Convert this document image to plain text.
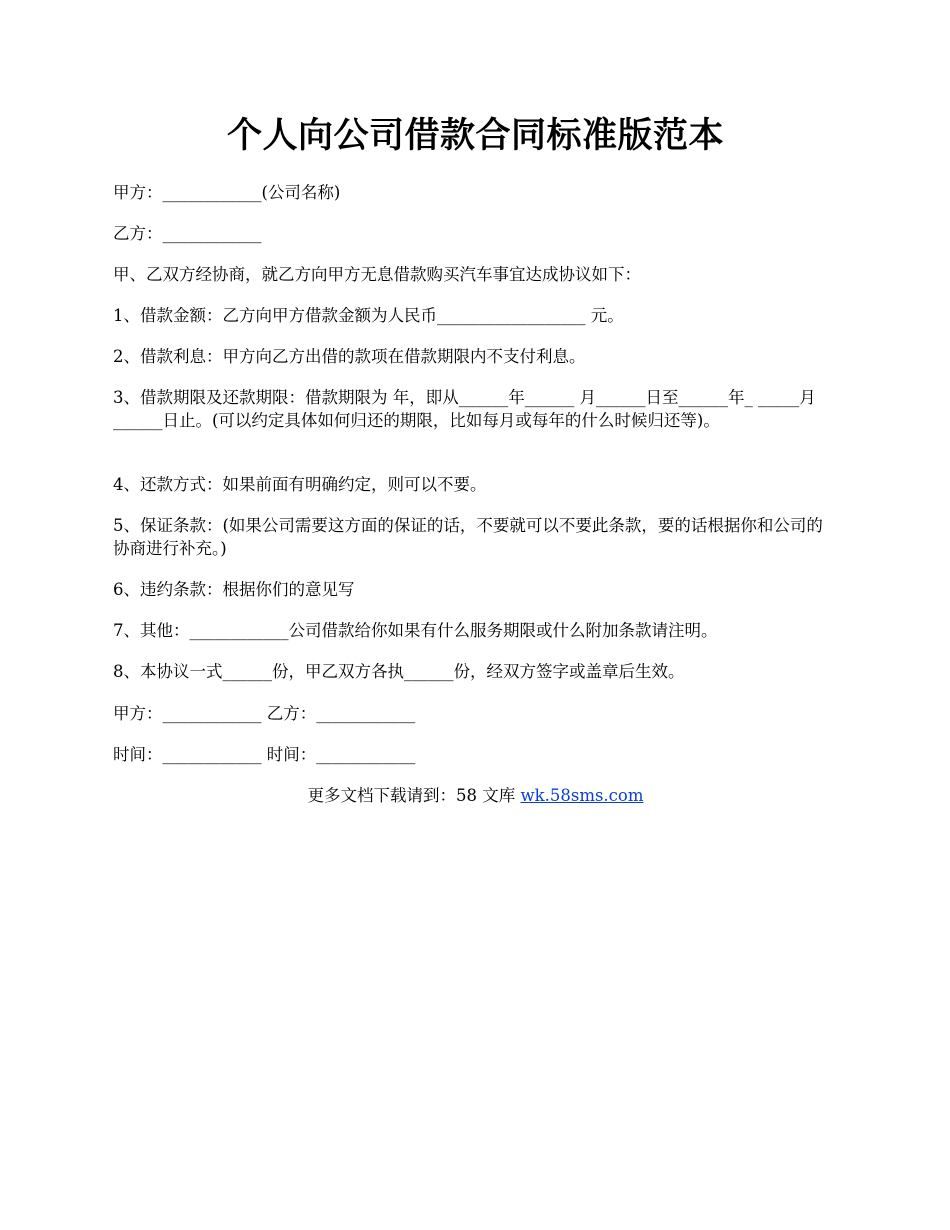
个人向公司借款合同标准版范本

甲方：____________(公司名称)

乙方：____________

甲、乙双方经协商，就乙方向甲方无息借款购买汽车事宜达成协议如下：

1、借款金额：乙方向甲方借款金额为人民币__________________ 元。

2、借款利息：甲方向乙方出借的款项在借款期限内不支付利息。

3、借款期限及还款期限：借款期限为 年，即从______年______ 月______日至______年_ _____月______日止。(可以约定具体如何归还的期限，比如每月或每年的什么时候归还等)。

4、还款方式：如果前面有明确约定，则可以不要。

5、保证条款：(如果公司需要这方面的保证的话，不要就可以不要此条款，要的话根据你和公司的协商进行补充。)

6、违约条款：根据你们的意见写

7、其他：____________公司借款给你如果有什么服务期限或什么附加条款请注明。

8、本协议一式______份，甲乙双方各执______份，经双方签字或盖章后生效。

甲方：____________ 乙方：____________

时间：____________ 时间：____________

更多文档下载请到：58 文库 wk.58sms.com
